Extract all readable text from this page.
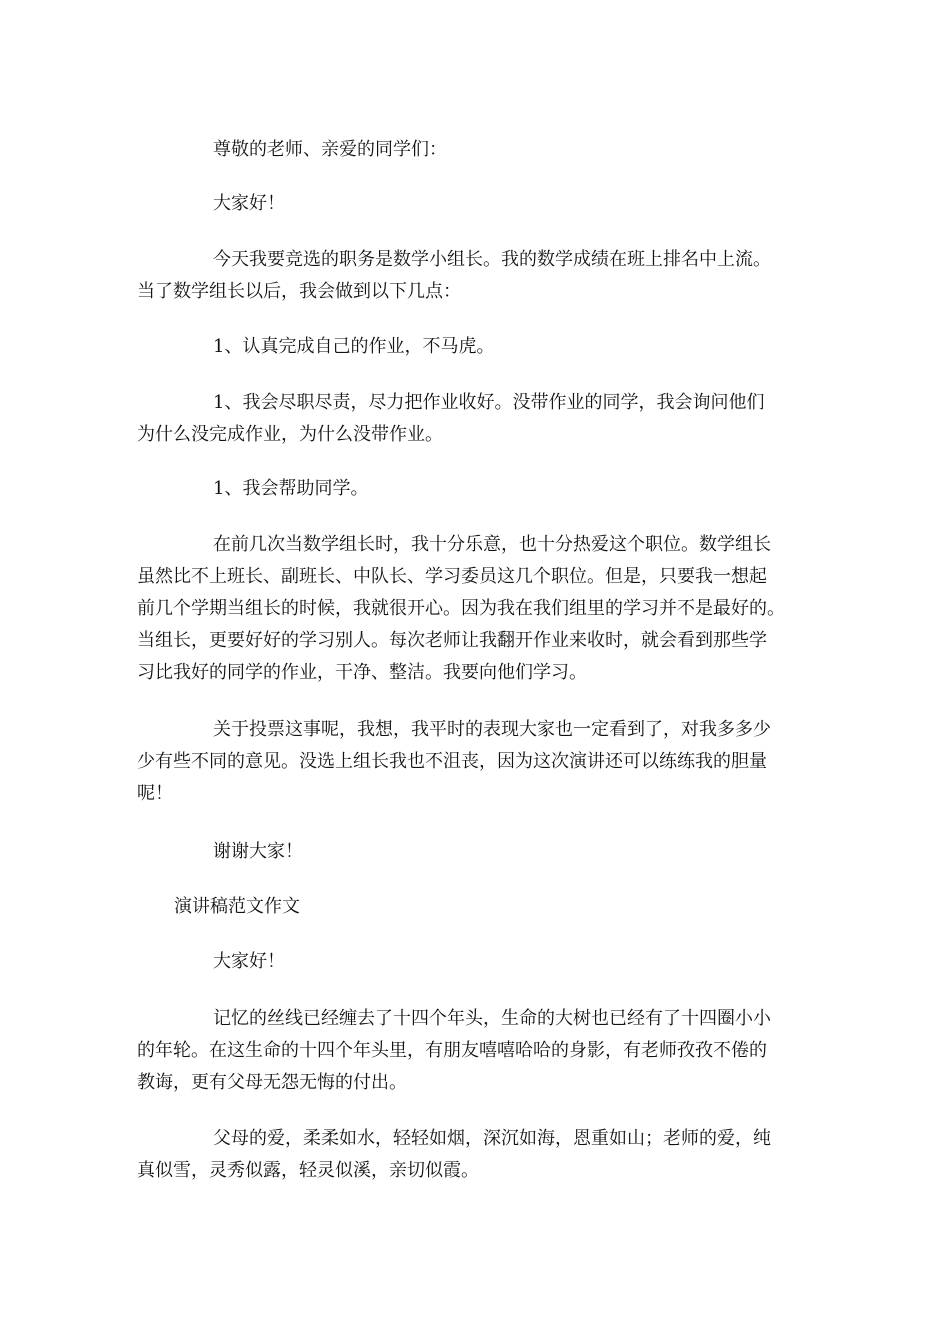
尊敬的老师、亲爱的同学们：
大家好！
今天我要竞选的职务是数学小组长。我的数学成绩在班上排名中上流。
当了数学组长以后，我会做到以下几点：
1、认真完成自己的作业，不马虎。
1、我会尽职尽责，尽力把作业收好。没带作业的同学，我会询问他们
为什么没完成作业，为什么没带作业。
1、我会帮助同学。
在前几次当数学组长时，我十分乐意，也十分热爱这个职位。数学组长
虽然比不上班长、副班长、中队长、学习委员这几个职位。但是，只要我一想起
前几个学期当组长的时候，我就很开心。因为我在我们组里的学习并不是最好的。
当组长，更要好好的学习别人。每次老师让我翻开作业来收时，就会看到那些学
习比我好的同学的作业，干净、整洁。我要向他们学习。
关于投票这事呢，我想，我平时的表现大家也一定看到了，对我多多少
少有些不同的意见。没选上组长我也不沮丧，因为这次演讲还可以练练我的胆量
呢！
谢谢大家！
演讲稿范文作文
大家好！
记忆的丝线已经缠去了十四个年头，生命的大树也已经有了十四圈小小
的年轮。在这生命的十四个年头里，有朋友嘻嘻哈哈的身影，有老师孜孜不倦的
教诲，更有父母无怨无悔的付出。
父母的爱，柔柔如水，轻轻如烟，深沉如海，恩重如山；老师的爱，纯
真似雪，灵秀似露，轻灵似溪，亲切似霞。
